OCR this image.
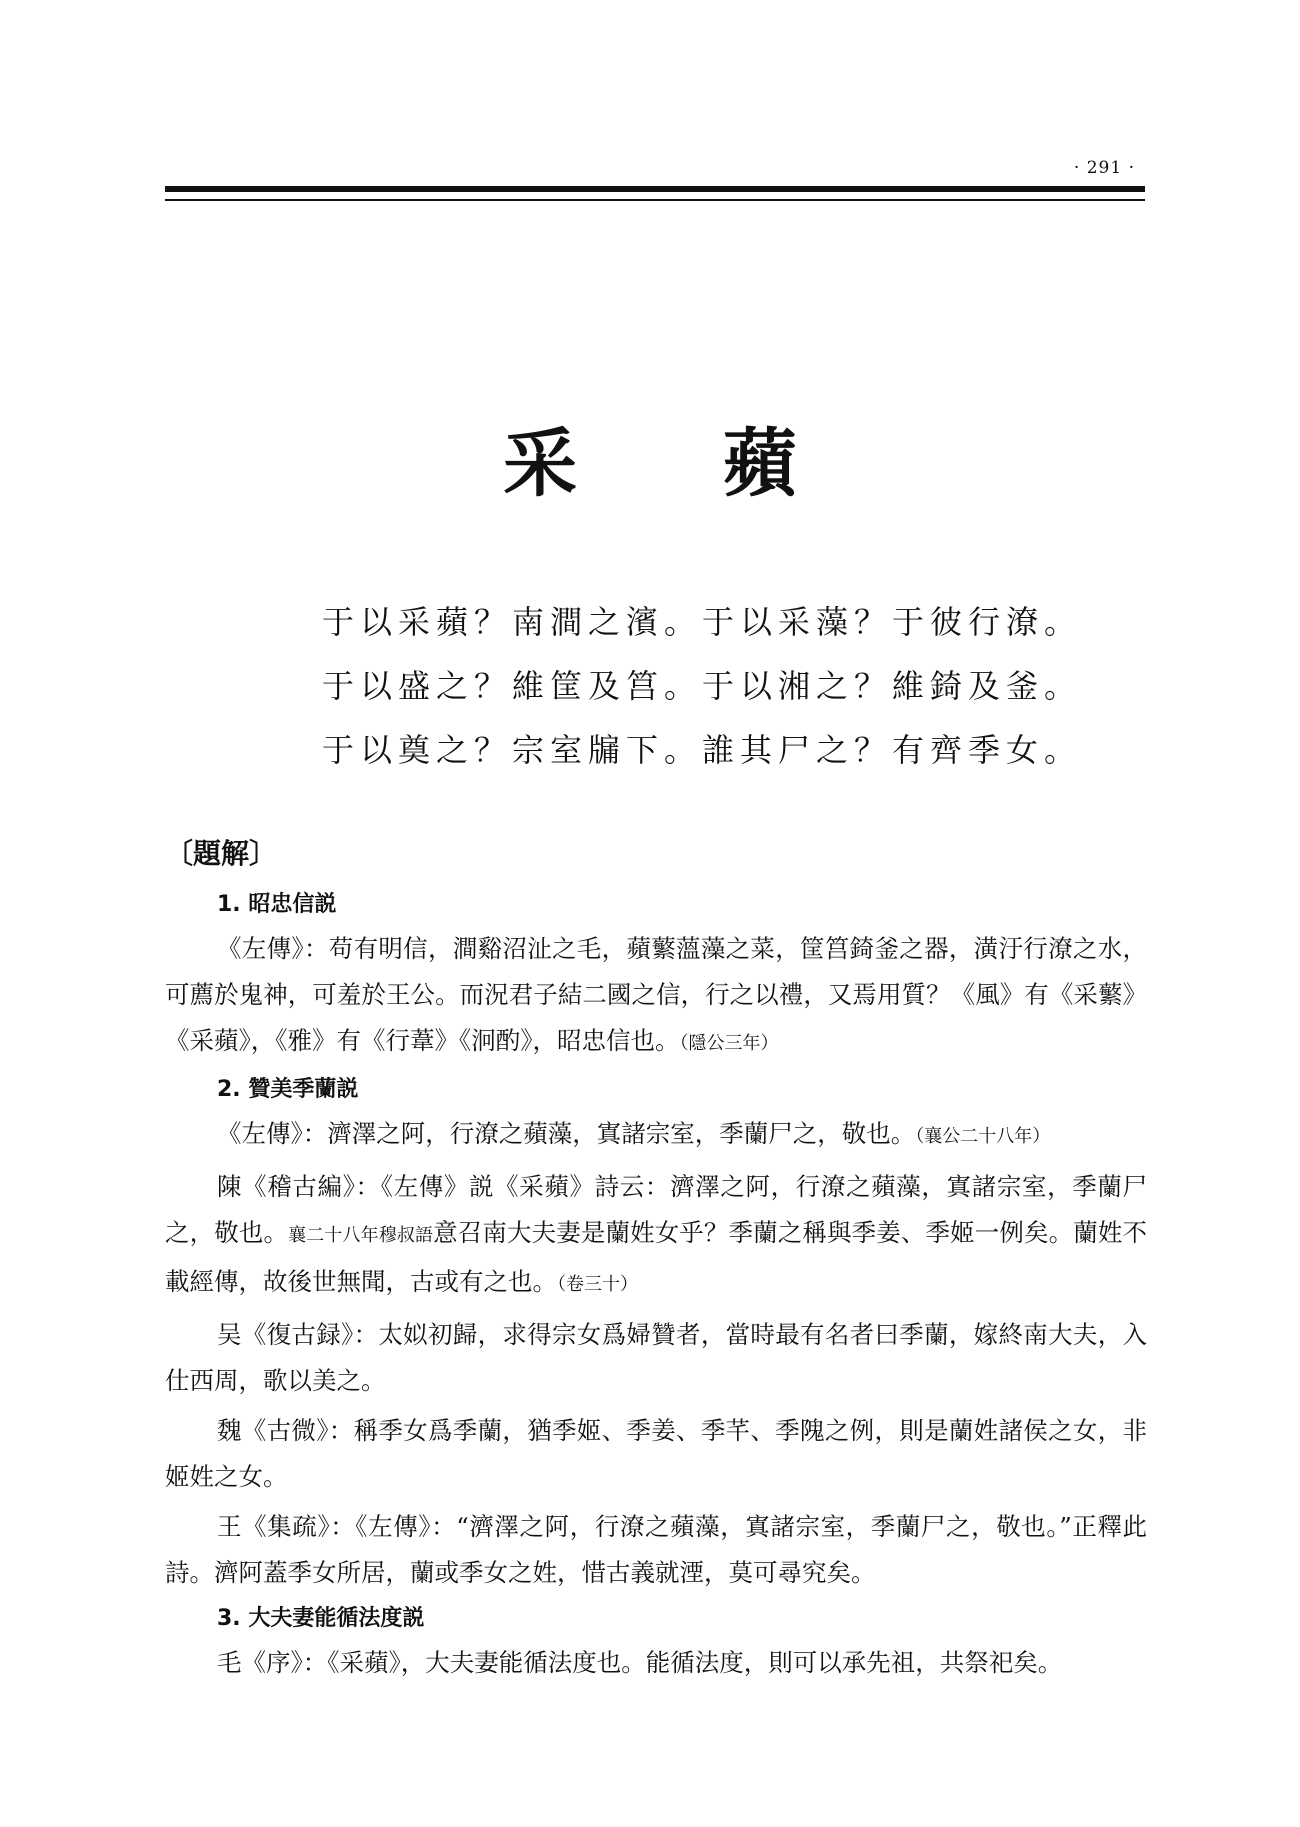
· 291 ·
采 蘋
于以采蘋？南澗之濱。于以采藻？于彼行潦。
于以盛之？維筐及筥。于以湘之？維錡及釜。
于以奠之？宗室牖下。誰其尸之？有齊季女。
〔題解〕
1. 昭忠信説
《左傳》：苟有明信，澗谿沼沚之毛，蘋蘩薀藻之菜，筐筥錡釜之器，潢汙行潦之水，可薦於鬼神，可羞於王公。而況君子結二國之信，行之以禮，又焉用質？《風》有《采蘩》《采蘋》，《雅》有《行葦》《泂酌》，昭忠信也。（隱公三年）
2. 贊美季蘭説
《左傳》：濟澤之阿，行潦之蘋藻，寘諸宗室，季蘭尸之，敬也。（襄公二十八年）
陳《稽古編》：《左傳》説《采蘋》詩云：濟澤之阿，行潦之蘋藻，寘諸宗室，季蘭尸之，敬也。襄二十八年穆叔語意召南大夫妻是蘭姓女乎？季蘭之稱與季姜、季姬一例矣。蘭姓不載經傳，故後世無聞，古或有之也。（卷三十）
吴《復古録》：太姒初歸，求得宗女爲婦贊者，當時最有名者曰季蘭，嫁終南大夫，入仕西周，歌以美之。
魏《古微》：稱季女爲季蘭，猶季姬、季姜、季芊、季隗之例，則是蘭姓諸侯之女，非姬姓之女。
王《集疏》：《左傳》：“濟澤之阿，行潦之蘋藻，寘諸宗室，季蘭尸之，敬也。”正釋此詩。濟阿蓋季女所居，蘭或季女之姓，惜古義就湮，莫可尋究矣。
3. 大夫妻能循法度説
毛《序》：《采蘋》，大夫妻能循法度也。能循法度，則可以承先祖，共祭祀矣。
